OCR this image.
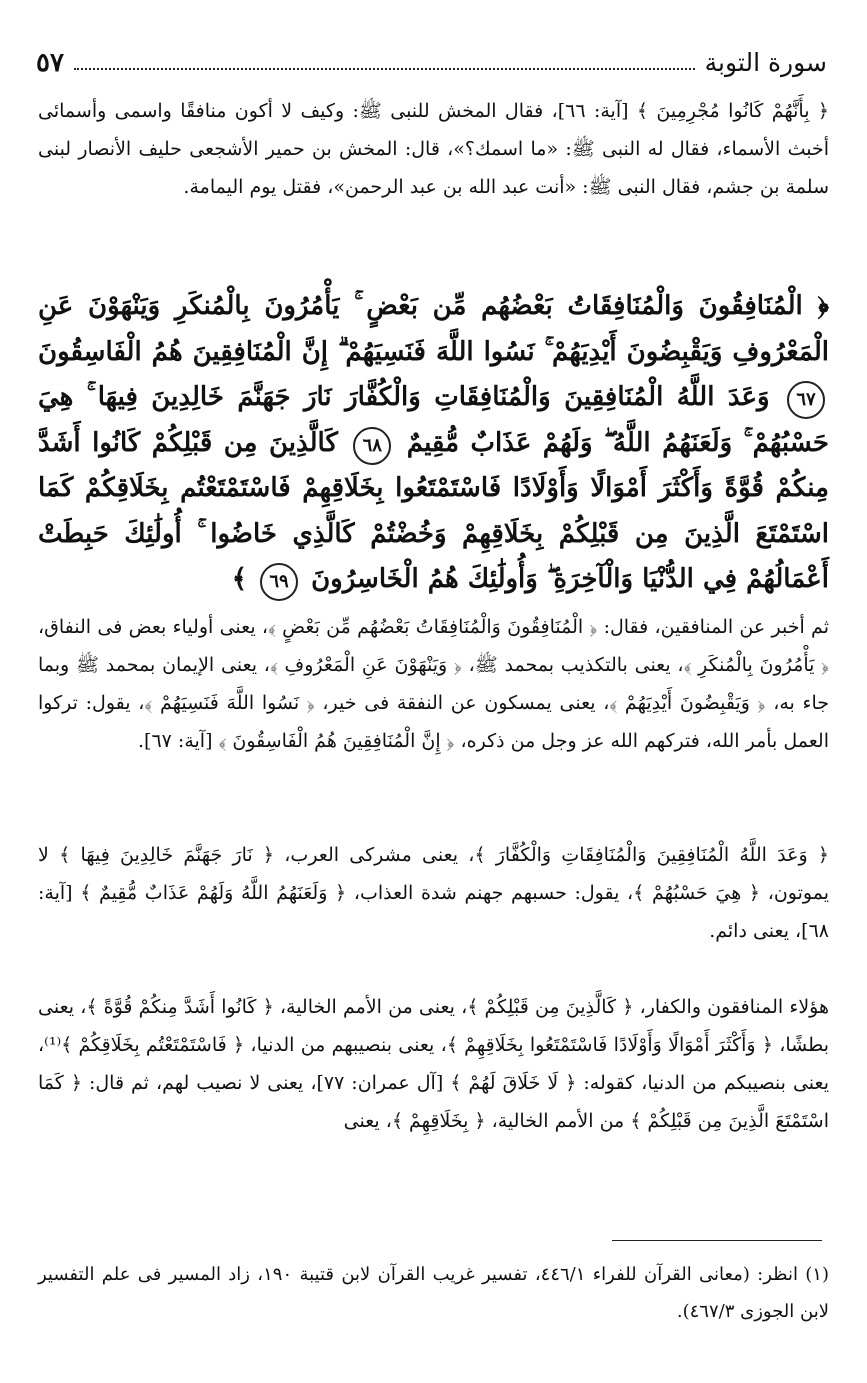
سورة التوبة
٥٧
﴿ بِأَنَّهُمْ كَانُوا مُجْرِمِينَ ﴾ [آية: ٦٦]، فقال المخش للنبى ﷺ: وكيف لا أكون منافقًا واسمى وأسمائى أخبث الأسماء، فقال له النبى ﷺ: «ما اسمك؟»، قال: المخش بن حمير الأشجعى حليف الأنصار لبنى سلمة بن جشم، فقال النبى ﷺ: «أنت عبد الله بن عبد الرحمن»، فقتل يوم اليمامة.
﴿ الْمُنَافِقُونَ وَالْمُنَافِقَاتُ بَعْضُهُم مِّن بَعْضٍ ۚ يَأْمُرُونَ بِالْمُنكَرِ وَيَنْهَوْنَ عَنِ الْمَعْرُوفِ وَيَقْبِضُونَ أَيْدِيَهُمْ ۚ نَسُوا اللَّهَ فَنَسِيَهُمْ ۗ إِنَّ الْمُنَافِقِينَ هُمُ الْفَاسِقُونَ ٦٧ وَعَدَ اللَّهُ الْمُنَافِقِينَ وَالْمُنَافِقَاتِ وَالْكُفَّارَ نَارَ جَهَنَّمَ خَالِدِينَ فِيهَا ۚ هِيَ حَسْبُهُمْ ۚ وَلَعَنَهُمُ اللَّهُ ۖ وَلَهُمْ عَذَابٌ مُّقِيمٌ ٦٨ كَالَّذِينَ مِن قَبْلِكُمْ كَانُوا أَشَدَّ مِنكُمْ قُوَّةً وَأَكْثَرَ أَمْوَالًا وَأَوْلَادًا فَاسْتَمْتَعُوا بِخَلَاقِهِمْ فَاسْتَمْتَعْتُم بِخَلَاقِكُمْ كَمَا اسْتَمْتَعَ الَّذِينَ مِن قَبْلِكُمْ بِخَلَاقِهِمْ وَخُضْتُمْ كَالَّذِي خَاضُوا ۚ أُولَٰئِكَ حَبِطَتْ أَعْمَالُهُمْ فِي الدُّنْيَا وَالْآخِرَةِ ۖ وَأُولَٰئِكَ هُمُ الْخَاسِرُونَ ٦٩ ﴾
ثم أخبر عن المنافقين، فقال: ﴿ الْمُنَافِقُونَ وَالْمُنَافِقَاتُ بَعْضُهُم مِّن بَعْضٍ ﴾، يعنى أولياء بعض فى النفاق، ﴿ يَأْمُرُونَ بِالْمُنكَرِ ﴾، يعنى بالتكذيب بمحمد ﷺ، ﴿ وَيَنْهَوْنَ عَنِ الْمَعْرُوفِ ﴾، يعنى الإيمان بمحمد ﷺ وبما جاء به، ﴿ وَيَقْبِضُونَ أَيْدِيَهُمْ ﴾، يعنى يمسكون عن النفقة فى خير، ﴿ نَسُوا اللَّهَ فَنَسِيَهُمْ ﴾، يقول: تركوا العمل بأمر الله، فتركهم الله عز وجل من ذكره، ﴿ إِنَّ الْمُنَافِقِينَ هُمُ الْفَاسِقُونَ ﴾ [آية: ٦٧].
﴿ وَعَدَ اللَّهُ الْمُنَافِقِينَ وَالْمُنَافِقَاتِ وَالْكُفَّارَ ﴾، يعنى مشركى العرب، ﴿ نَارَ جَهَنَّمَ خَالِدِينَ فِيهَا ﴾ لا يموتون، ﴿ هِيَ حَسْبُهُمْ ﴾، يقول: حسبهم جهنم شدة العذاب، ﴿ وَلَعَنَهُمُ اللَّهُ وَلَهُمْ عَذَابٌ مُّقِيمٌ ﴾ [آية: ٦٨]، يعنى دائم.
هؤلاء المنافقون والكفار، ﴿ كَالَّذِينَ مِن قَبْلِكُمْ ﴾، يعنى من الأمم الخالية، ﴿ كَانُوا أَشَدَّ مِنكُمْ قُوَّةً ﴾، يعنى بطشًا، ﴿ وَأَكْثَرَ أَمْوَالًا وَأَوْلَادًا فَاسْتَمْتَعُوا بِخَلَاقِهِمْ ﴾، يعنى بنصيبهم من الدنيا، ﴿ فَاسْتَمْتَعْتُم بِخَلَاقِكُمْ ﴾⁽¹⁾، يعنى بنصيبكم من الدنيا، كقوله: ﴿ لَا خَلَاقَ لَهُمْ ﴾ [آل عمران: ٧٧]، يعنى لا نصيب لهم، ثم قال: ﴿ كَمَا اسْتَمْتَعَ الَّذِينَ مِن قَبْلِكُمْ ﴾ من الأمم الخالية، ﴿ بِخَلَاقِهِمْ ﴾، يعنى
(١) انظر: (معانى القرآن للفراء ٤٤٦/١، تفسير غريب القرآن لابن قتيبة ١٩٠، زاد المسير فى علم التفسير لابن الجوزى ٤٦٧/٣).
